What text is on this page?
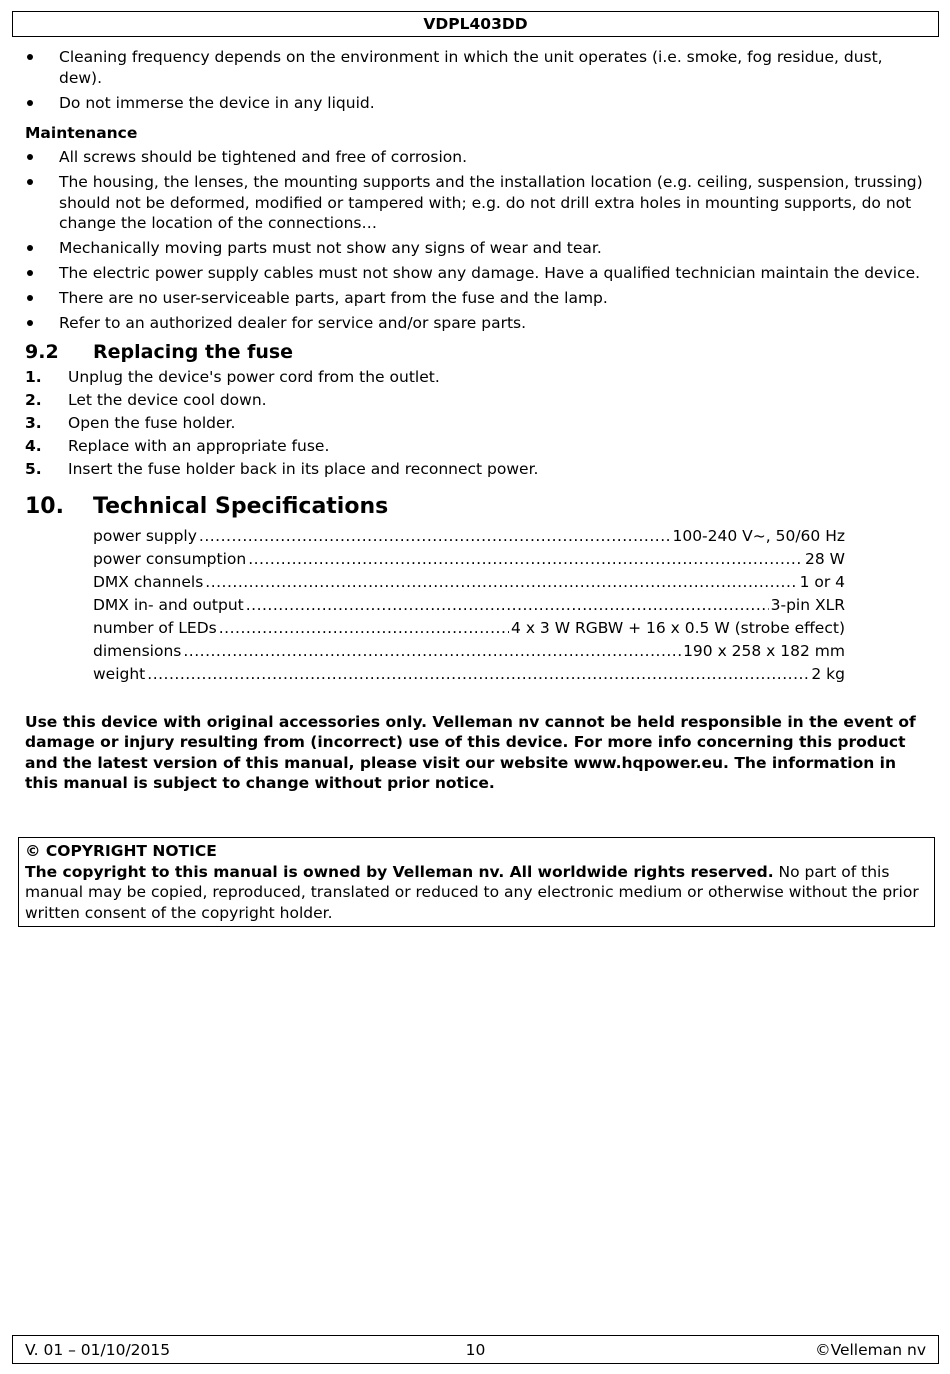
VDPL403DD
Cleaning frequency depends on the environment in which the unit operates (i.e. smoke, fog residue, dust, dew).
Do not immerse the device in any liquid.
Maintenance
All screws should be tightened and free of corrosion.
The housing, the lenses, the mounting supports and the installation location (e.g. ceiling, suspension, trussing) should not be deformed, modified or tampered with; e.g. do not drill extra holes in mounting supports, do not change the location of the connections…
Mechanically moving parts must not show any signs of wear and tear.
The electric power supply cables must not show any damage. Have a qualified technician maintain the device.
There are no user-serviceable parts, apart from the fuse and the lamp.
Refer to an authorized dealer for service and/or spare parts.
9.2 Replacing the fuse
1. Unplug the device's power cord from the outlet.
2. Let the device cool down.
3. Open the fuse holder.
4. Replace with an appropriate fuse.
5. Insert the fuse holder back in its place and reconnect power.
10. Technical Specifications
power supply .....	100-240 V~, 50/60 Hz
power consumption .....	28 W
DMX channels .....	1 or 4
DMX in- and output .....	3-pin XLR
number of LEDs .....	4 x 3 W RGBW + 16 x 0.5 W (strobe effect)
dimensions .....	190 x 258 x 182 mm
weight .....	2 kg
Use this device with original accessories only. Velleman nv cannot be held responsible in the event of damage or injury resulting from (incorrect) use of this device. For more info concerning this product and the latest version of this manual, please visit our website www.hqpower.eu. The information in this manual is subject to change without prior notice.
© COPYRIGHT NOTICE
The copyright to this manual is owned by Velleman nv. All worldwide rights reserved. No part of this manual may be copied, reproduced, translated or reduced to any electronic medium or otherwise without the prior written consent of the copyright holder.
V. 01 – 01/10/2015	10	©Velleman nv
